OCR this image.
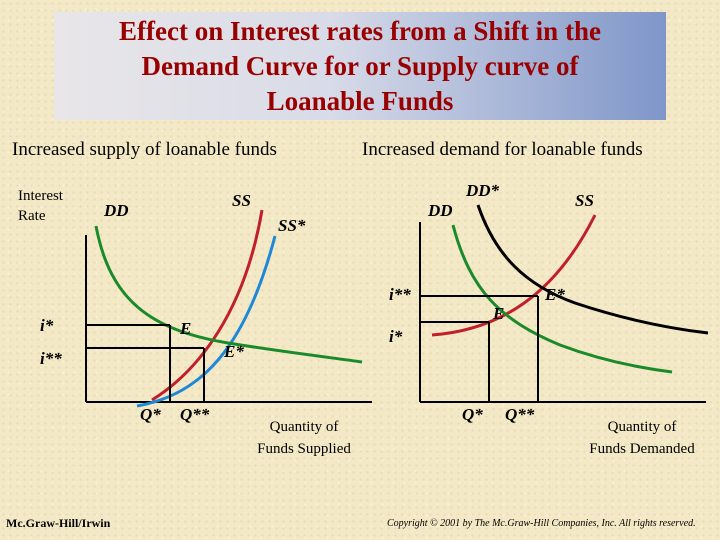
Effect on Interest rates from a Shift in the
Demand Curve for or Supply curve of
Loanable Funds
Increased supply of loanable funds	Increased demand for loanable funds
Interest
Rate	DD
SS
SS*
i*
i**
E
E*
Q* Q**
Quantity of
Funds Supplied
DD
DD*
SS
i**
i*
E*
E
Q* Q**
Quantity of
Funds Demanded
Mc.Graw-Hill/Irwin	Copyright © 2001 by The Mc.Graw-Hill Companies, Inc. All rights reserved.
